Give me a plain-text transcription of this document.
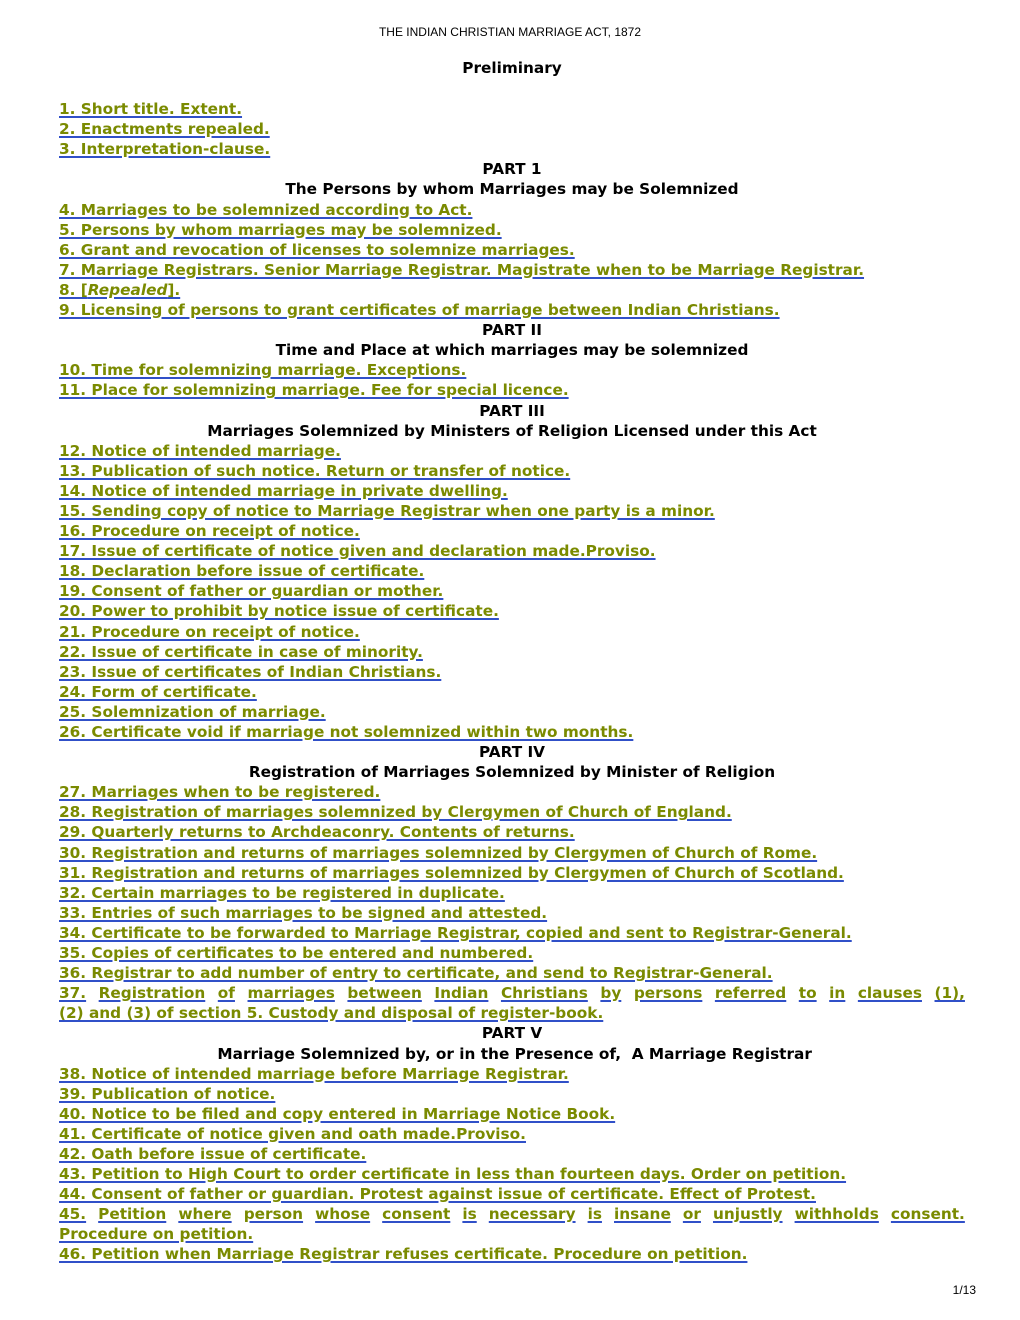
THE INDIAN CHRISTIAN MARRIAGE ACT, 1872
Preliminary
1. Short title. Extent.
2. Enactments repealed.
3. Interpretation-clause.
PART 1
The Persons by whom Marriages may be Solemnized
4. Marriages to be solemnized according to Act.
5. Persons by whom marriages may be solemnized.
6. Grant and revocation of licenses to solemnize marriages.
7. Marriage Registrars. Senior Marriage Registrar. Magistrate when to be Marriage Registrar.
8. [Repealed].
9. Licensing of persons to grant certificates of marriage between Indian Christians.
PART II
Time and Place at which marriages may be solemnized
10. Time for solemnizing marriage. Exceptions.
11. Place for solemnizing marriage. Fee for special licence.
PART III
Marriages Solemnized by Ministers of Religion Licensed under this Act
12. Notice of intended marriage.
13. Publication of such notice. Return or transfer of notice.
14. Notice of intended marriage in private dwelling.
15. Sending copy of notice to Marriage Registrar when one party is a minor.
16. Procedure on receipt of notice.
17. Issue of certificate of notice given and declaration made.Proviso.
18. Declaration before issue of certificate.
19. Consent of father or guardian or mother.
20. Power to prohibit by notice issue of certificate.
21. Procedure on receipt of notice.
22. Issue of certificate in case of minority.
23. Issue of certificates of Indian Christians.
24. Form of certificate.
25. Solemnization of marriage.
26. Certificate void if marriage not solemnized within two months.
PART IV
Registration of Marriages Solemnized by Minister of Religion
27. Marriages when to be registered.
28. Registration of marriages solemnized by Clergymen of Church of England.
29. Quarterly returns to Archdeaconry. Contents of returns.
30. Registration and returns of marriages solemnized by Clergymen of Church of Rome.
31. Registration and returns of marriages solemnized by Clergymen of Church of Scotland.
32. Certain marriages to be registered in duplicate.
33. Entries of such marriages to be signed and attested.
34. Certificate to be forwarded to Marriage Registrar, copied and sent to Registrar-General.
35. Copies of certificates to be entered and numbered.
36. Registrar to add number of entry to certificate, and send to Registrar-General.
37. Registration of marriages between Indian Christians by persons referred to in clauses (1),
(2) and (3) of section 5. Custody and disposal of register-book.
PART V
Marriage Solemnized by, or in the Presence of,  A Marriage Registrar
38. Notice of intended marriage before Marriage Registrar.
39. Publication of notice.
40. Notice to be filed and copy entered in Marriage Notice Book.
41. Certificate of notice given and oath made.Proviso.
42. Oath before issue of certificate.
43. Petition to High Court to order certificate in less than fourteen days. Order on petition.
44. Consent of father or guardian. Protest against issue of certificate. Effect of Protest.
45. Petition where person whose consent is necessary is insane or unjustly withholds consent.
Procedure on petition.
46. Petition when Marriage Registrar refuses certificate. Procedure on petition.
1/13
